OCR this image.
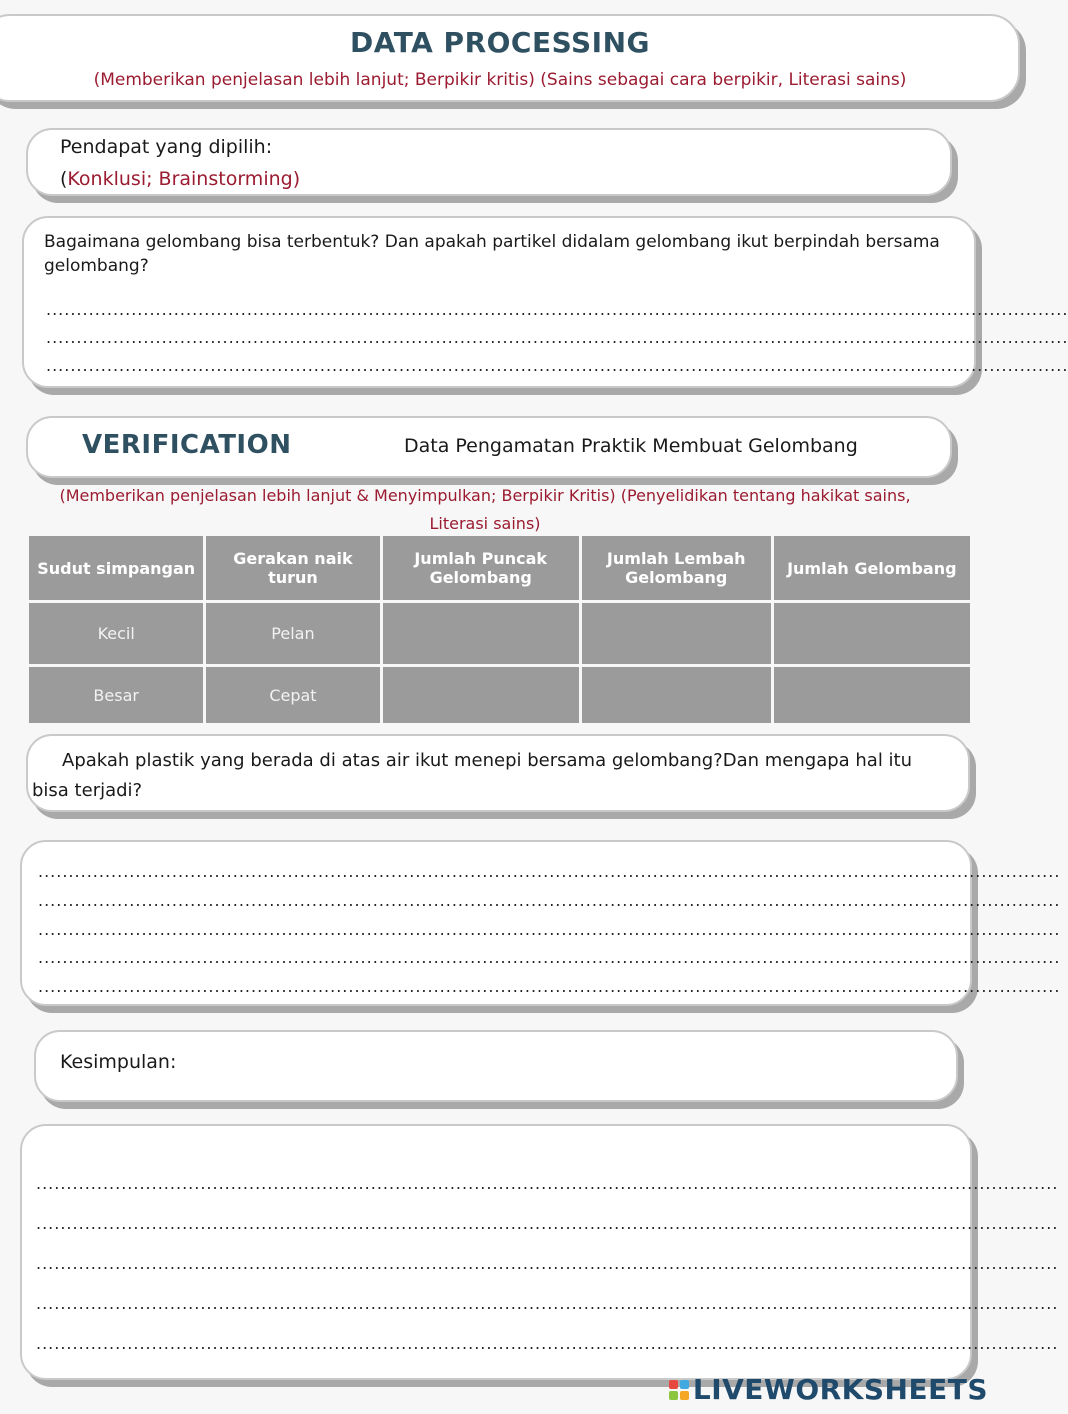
DATA PROCESSING
(Memberikan penjelasan lebih lanjut; Berpikir kritis) (Sains sebagai cara berpikir, Literasi sains)
Pendapat yang dipilih:
(Konklusi; Brainstorming)
Bagaimana gelombang bisa terbentuk? Dan apakah partikel didalam gelombang ikut berpindah bersama gelombang?
........................................................................................................................................................................
........................................................................................................................................................................
........................................................................................................................................................................
VERIFICATION	Data Pengamatan Praktik Membuat Gelombang
(Memberikan penjelasan lebih lanjut & Menyimpulkan; Berpikir Kritis) (Penyelidikan tentang hakikat sains, Literasi sains)
Sudut simpangan	Gerakan naik turun	Jumlah Puncak Gelombang	Jumlah Lembah Gelombang	Jumlah Gelombang
Kecil	Pelan			
Besar	Cepat			
Apakah plastik yang berada di atas air ikut menepi bersama gelombang?Dan mengapa hal itu bisa terjadi?
........................................................................................................................................................................
........................................................................................................................................................................
........................................................................................................................................................................
........................................................................................................................................................................
........................................................................................................................................................................
Kesimpulan:
........................................................................................................................................................................
........................................................................................................................................................................
........................................................................................................................................................................
........................................................................................................................................................................
........................................................................................................................................................................
LIVEWORKSHEETS
